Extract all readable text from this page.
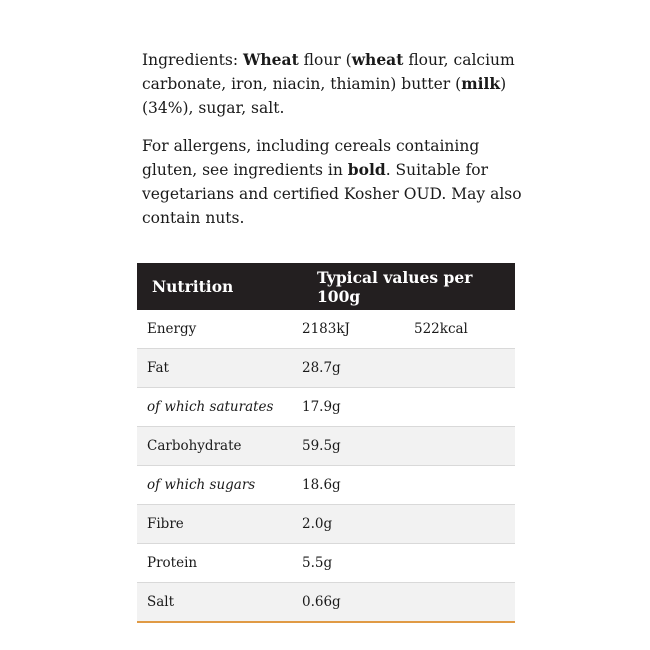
Ingredients: Wheat flour (wheat flour, calcium carbonate, iron, niacin, thiamin) butter (milk) (34%), sugar, salt.

For allergens, including cereals containing gluten, see ingredients in bold. Suitable for vegetarians and certified Kosher OUD. May also contain nuts.

Nutrition	Typical values per 100g	
Energy	2183kJ	522kcal
Fat	28.7g	
of which saturates	17.9g	
Carbohydrate	59.5g	
of which sugars	18.6g	
Fibre	2.0g	
Protein	5.5g	
Salt	0.66g	
